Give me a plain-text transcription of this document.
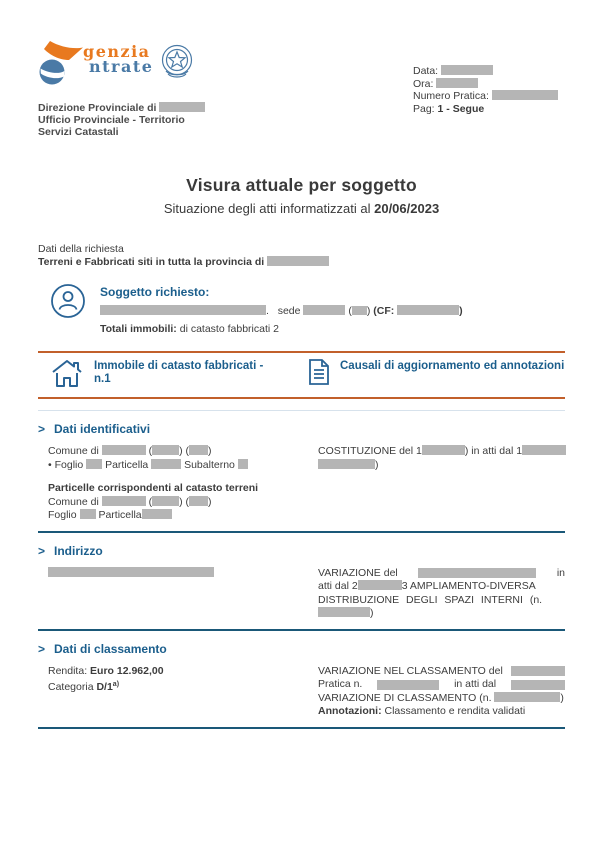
genzia
ntrate
Direzione Provinciale di
Ufficio Provinciale - Territorio
Servizi Catastali
Data:
Ora:
Numero Pratica:
Pag: 1 - Segue
Visura attuale per soggetto
Situazione degli atti informatizzati al 20/06/2023
Dati della richiesta
Terreni e Fabbricati siti in tutta la provincia di
Soggetto richiesto:
. sede	( ) (CF:	)
Totali immobili: di catasto fabbricati 2
Immobile di catasto fabbricati -
n.1
Causali di aggiornamento ed annotazioni
> Dati identificativi
Comune di	(	) ( )
• Foglio Particella	Subalterno
Particelle corrispondenti al catasto terreni
Comune di	(	) ( )
Foglio Particella
COSTITUZIONE del 1	) in atti dal 1
)
> Indirizzo
VARIAZIONE del	in
atti dal 2	3 AMPLIAMENTO-DIVERSA
DISTRIBUZIONE DEGLI SPAZI INTERNI (n.
)
> Dati di classamento
Rendita: Euro 12.962,00
Categoria D/1$^{a)}$
VARIAZIONE NEL CLASSAMENTO del
Pratica n.	in atti dal
VARIAZIONE DI CLASSAMENTO (n.	)
Annotazioni: Classamento e rendita validati
